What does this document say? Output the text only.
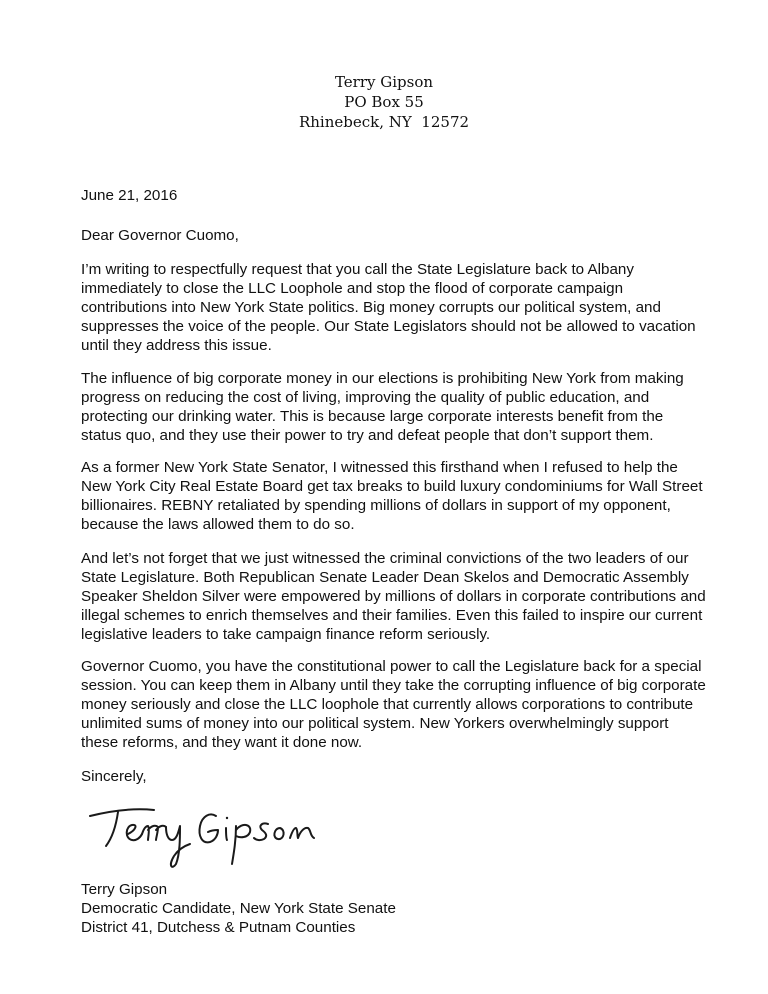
Terry Gipson
PO Box 55
Rhinebeck, NY  12572
June 21, 2016
Dear Governor Cuomo,

I’m writing to respectfully request that you call the State Legislature back to Albany immediately to close the LLC Loophole and stop the flood of corporate campaign contributions into New York State politics. Big money corrupts our political system, and suppresses the voice of the people. Our State Legislators should not be allowed to vacation until they address this issue.

The influence of big corporate money in our elections is prohibiting New York from making progress on reducing the cost of living, improving the quality of public education, and protecting our drinking water. This is because large corporate interests benefit from the status quo, and they use their power to try and defeat people that don’t support them.

As a former New York State Senator, I witnessed this firsthand when I refused to help the New York City Real Estate Board get tax breaks to build luxury condominiums for Wall Street billionaires. REBNY retaliated by spending millions of dollars in support of my opponent, because the laws allowed them to do so.

And let’s not forget that we just witnessed the criminal convictions of the two leaders of our State Legislature. Both Republican Senate Leader Dean Skelos and Democratic Assembly Speaker Sheldon Silver were empowered by millions of dollars in corporate contributions and illegal schemes to enrich themselves and their families. Even this failed to inspire our current legislative leaders to take campaign finance reform seriously.

Governor Cuomo, you have the constitutional power to call the Legislature back for a special session. You can keep them in Albany until they take the corrupting influence of big corporate money seriously and close the LLC loophole that currently allows corporations to contribute unlimited sums of money into our political system. New Yorkers overwhelmingly support these reforms, and they want it done now.

Sincerely,
Terry Gipson
Democratic Candidate, New York State Senate
District 41, Dutchess & Putnam Counties
